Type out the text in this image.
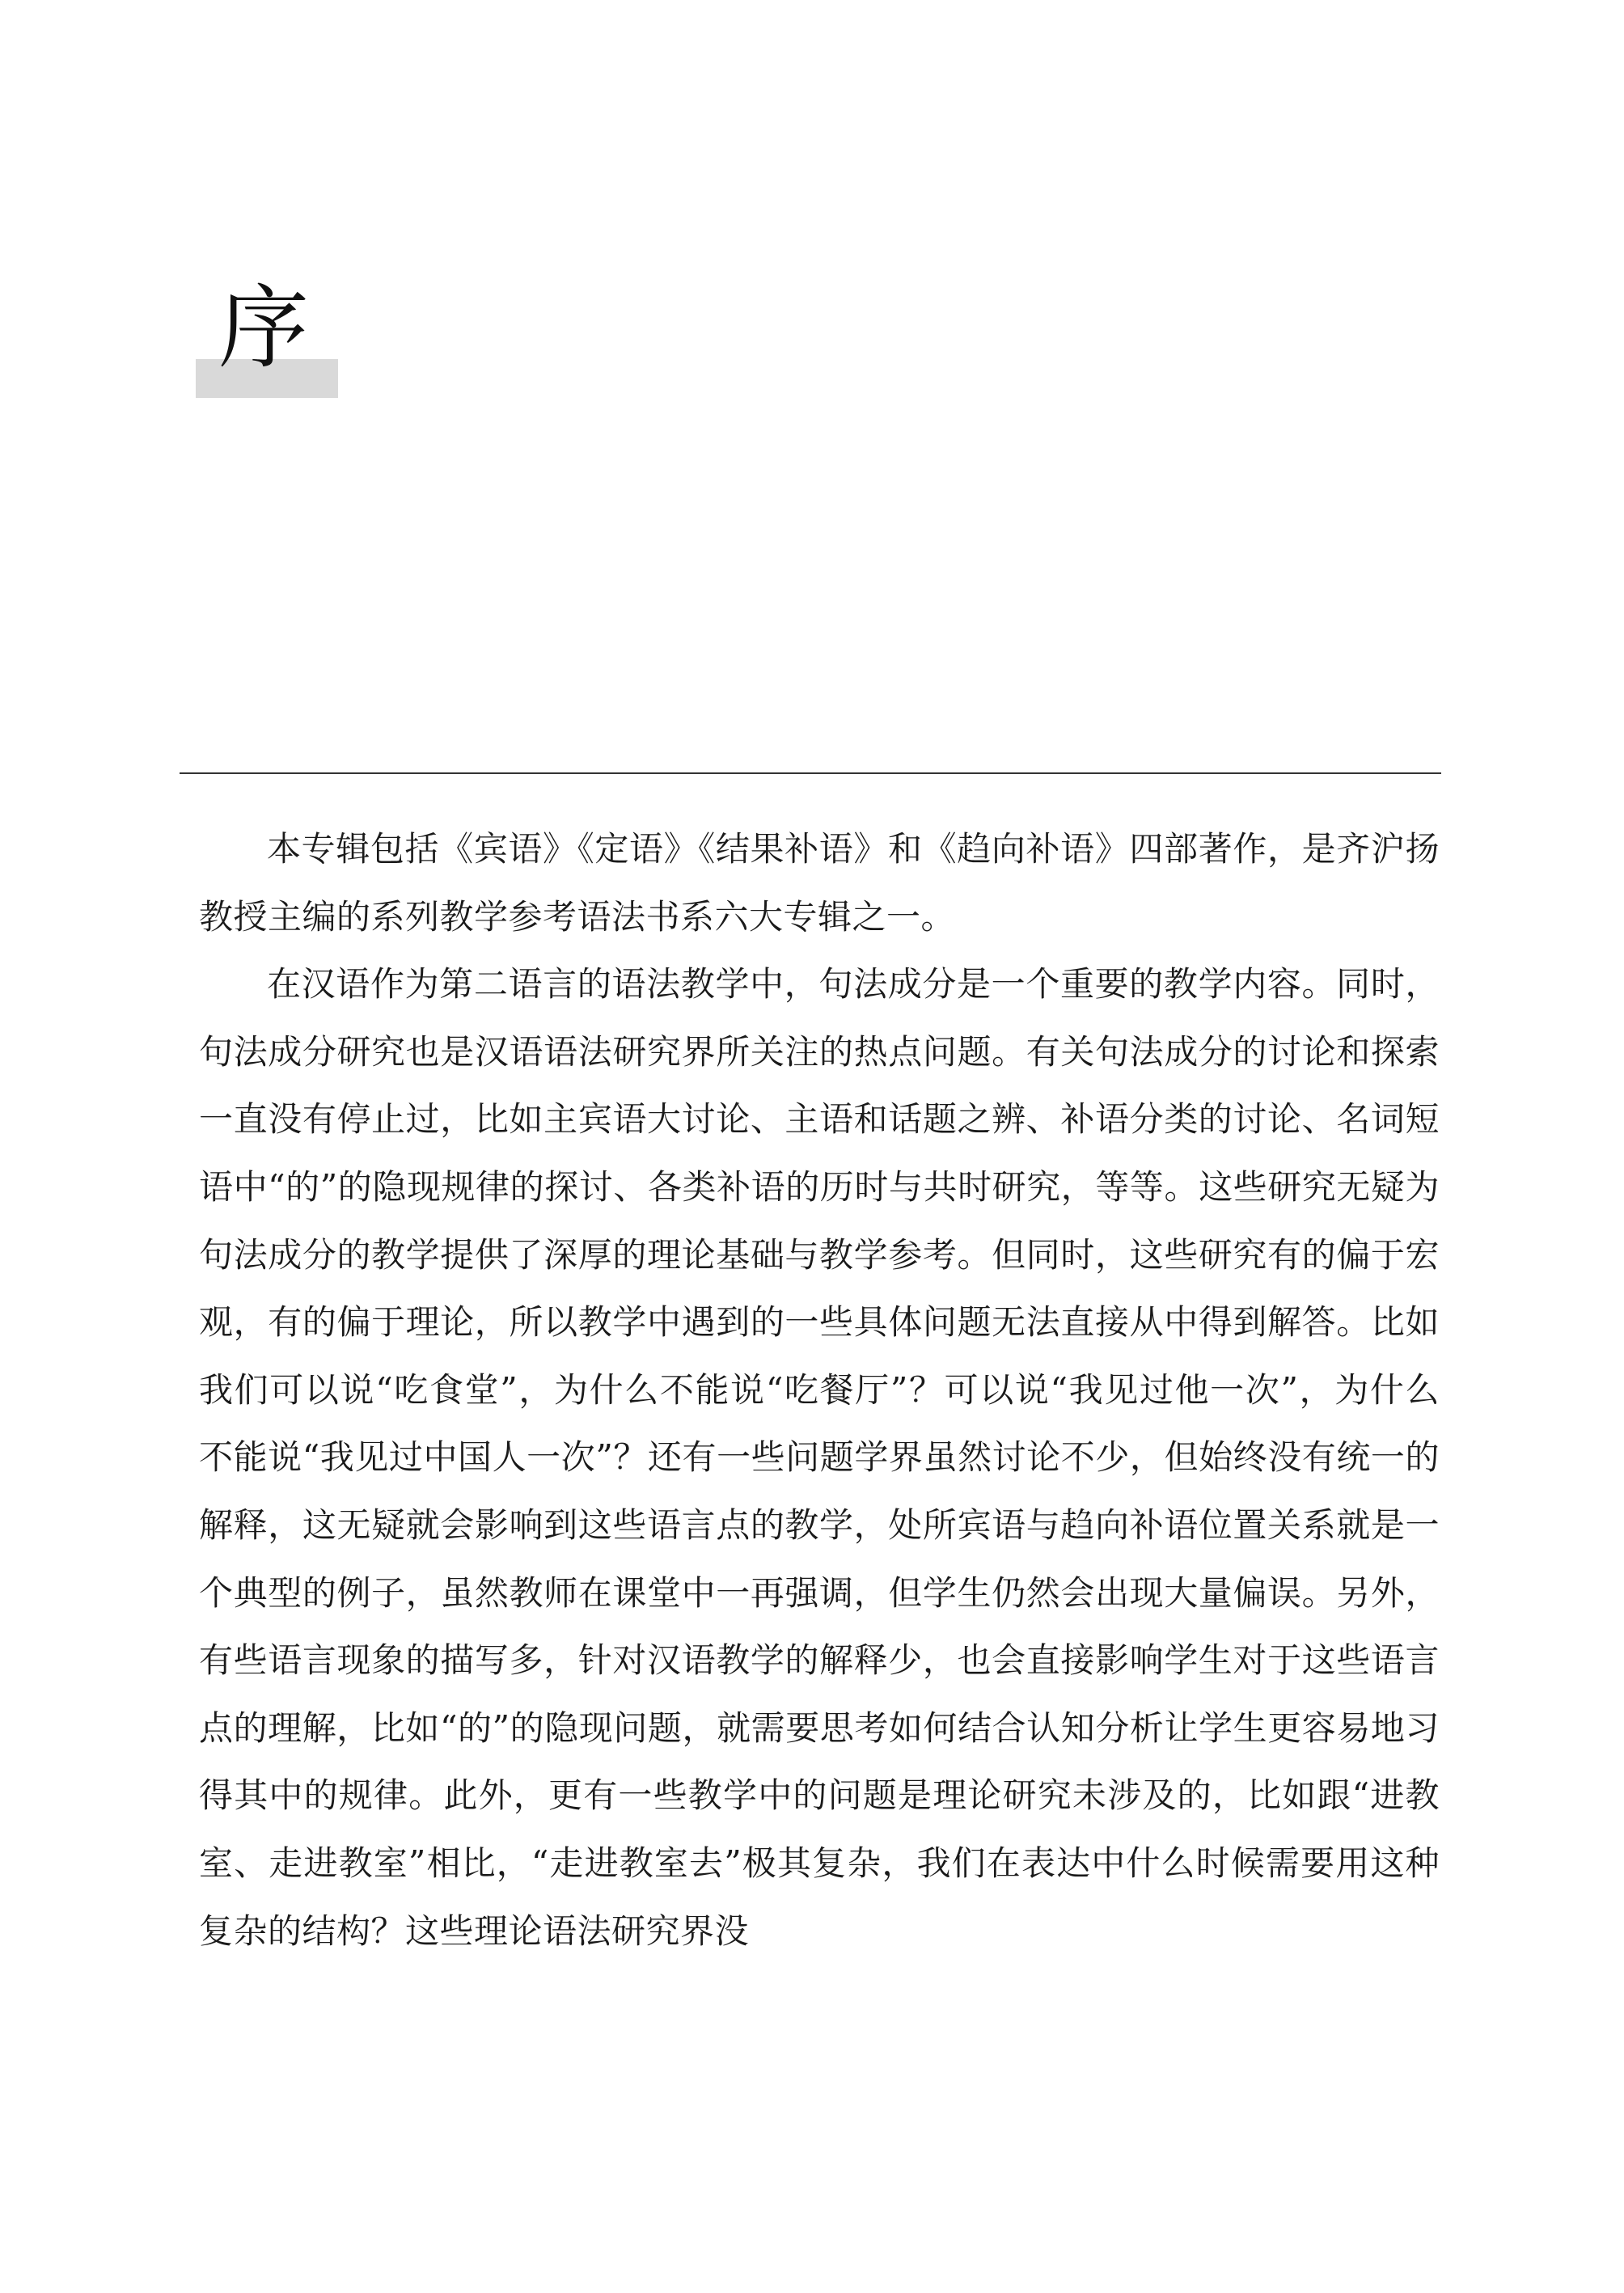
序

本专辑包括《宾语》《定语》《结果补语》和《趋向补语》四部著作，是齐沪扬教授主编的系列教学参考语法书系六大专辑之一。

在汉语作为第二语言的语法教学中，句法成分是一个重要的教学内容。同时，句法成分研究也是汉语语法研究界所关注的热点问题。有关句法成分的讨论和探索一直没有停止过，比如主宾语大讨论、主语和话题之辨、补语分类的讨论、名词短语中“的”的隐现规律的探讨、各类补语的历时与共时研究，等等。这些研究无疑为句法成分的教学提供了深厚的理论基础与教学参考。但同时，这些研究有的偏于宏观，有的偏于理论，所以教学中遇到的一些具体问题无法直接从中得到解答。比如我们可以说“吃食堂”，为什么不能说“吃餐厅”？可以说“我见过他一次”，为什么不能说“我见过中国人一次”？还有一些问题学界虽然讨论不少，但始终没有统一的解释，这无疑就会影响到这些语言点的教学，处所宾语与趋向补语位置关系就是一个典型的例子，虽然教师在课堂中一再强调，但学生仍然会出现大量偏误。另外，有些语言现象的描写多，针对汉语教学的解释少，也会直接影响学生对于这些语言点的理解，比如“的”的隐现问题，就需要思考如何结合认知分析让学生更容易地习得其中的规律。此外，更有一些教学中的问题是理论研究未涉及的，比如跟“进教室、走进教室”相比，“走进教室去”极其复杂，我们在表达中什么时候需要用这种复杂的结构？这些理论语法研究界没
